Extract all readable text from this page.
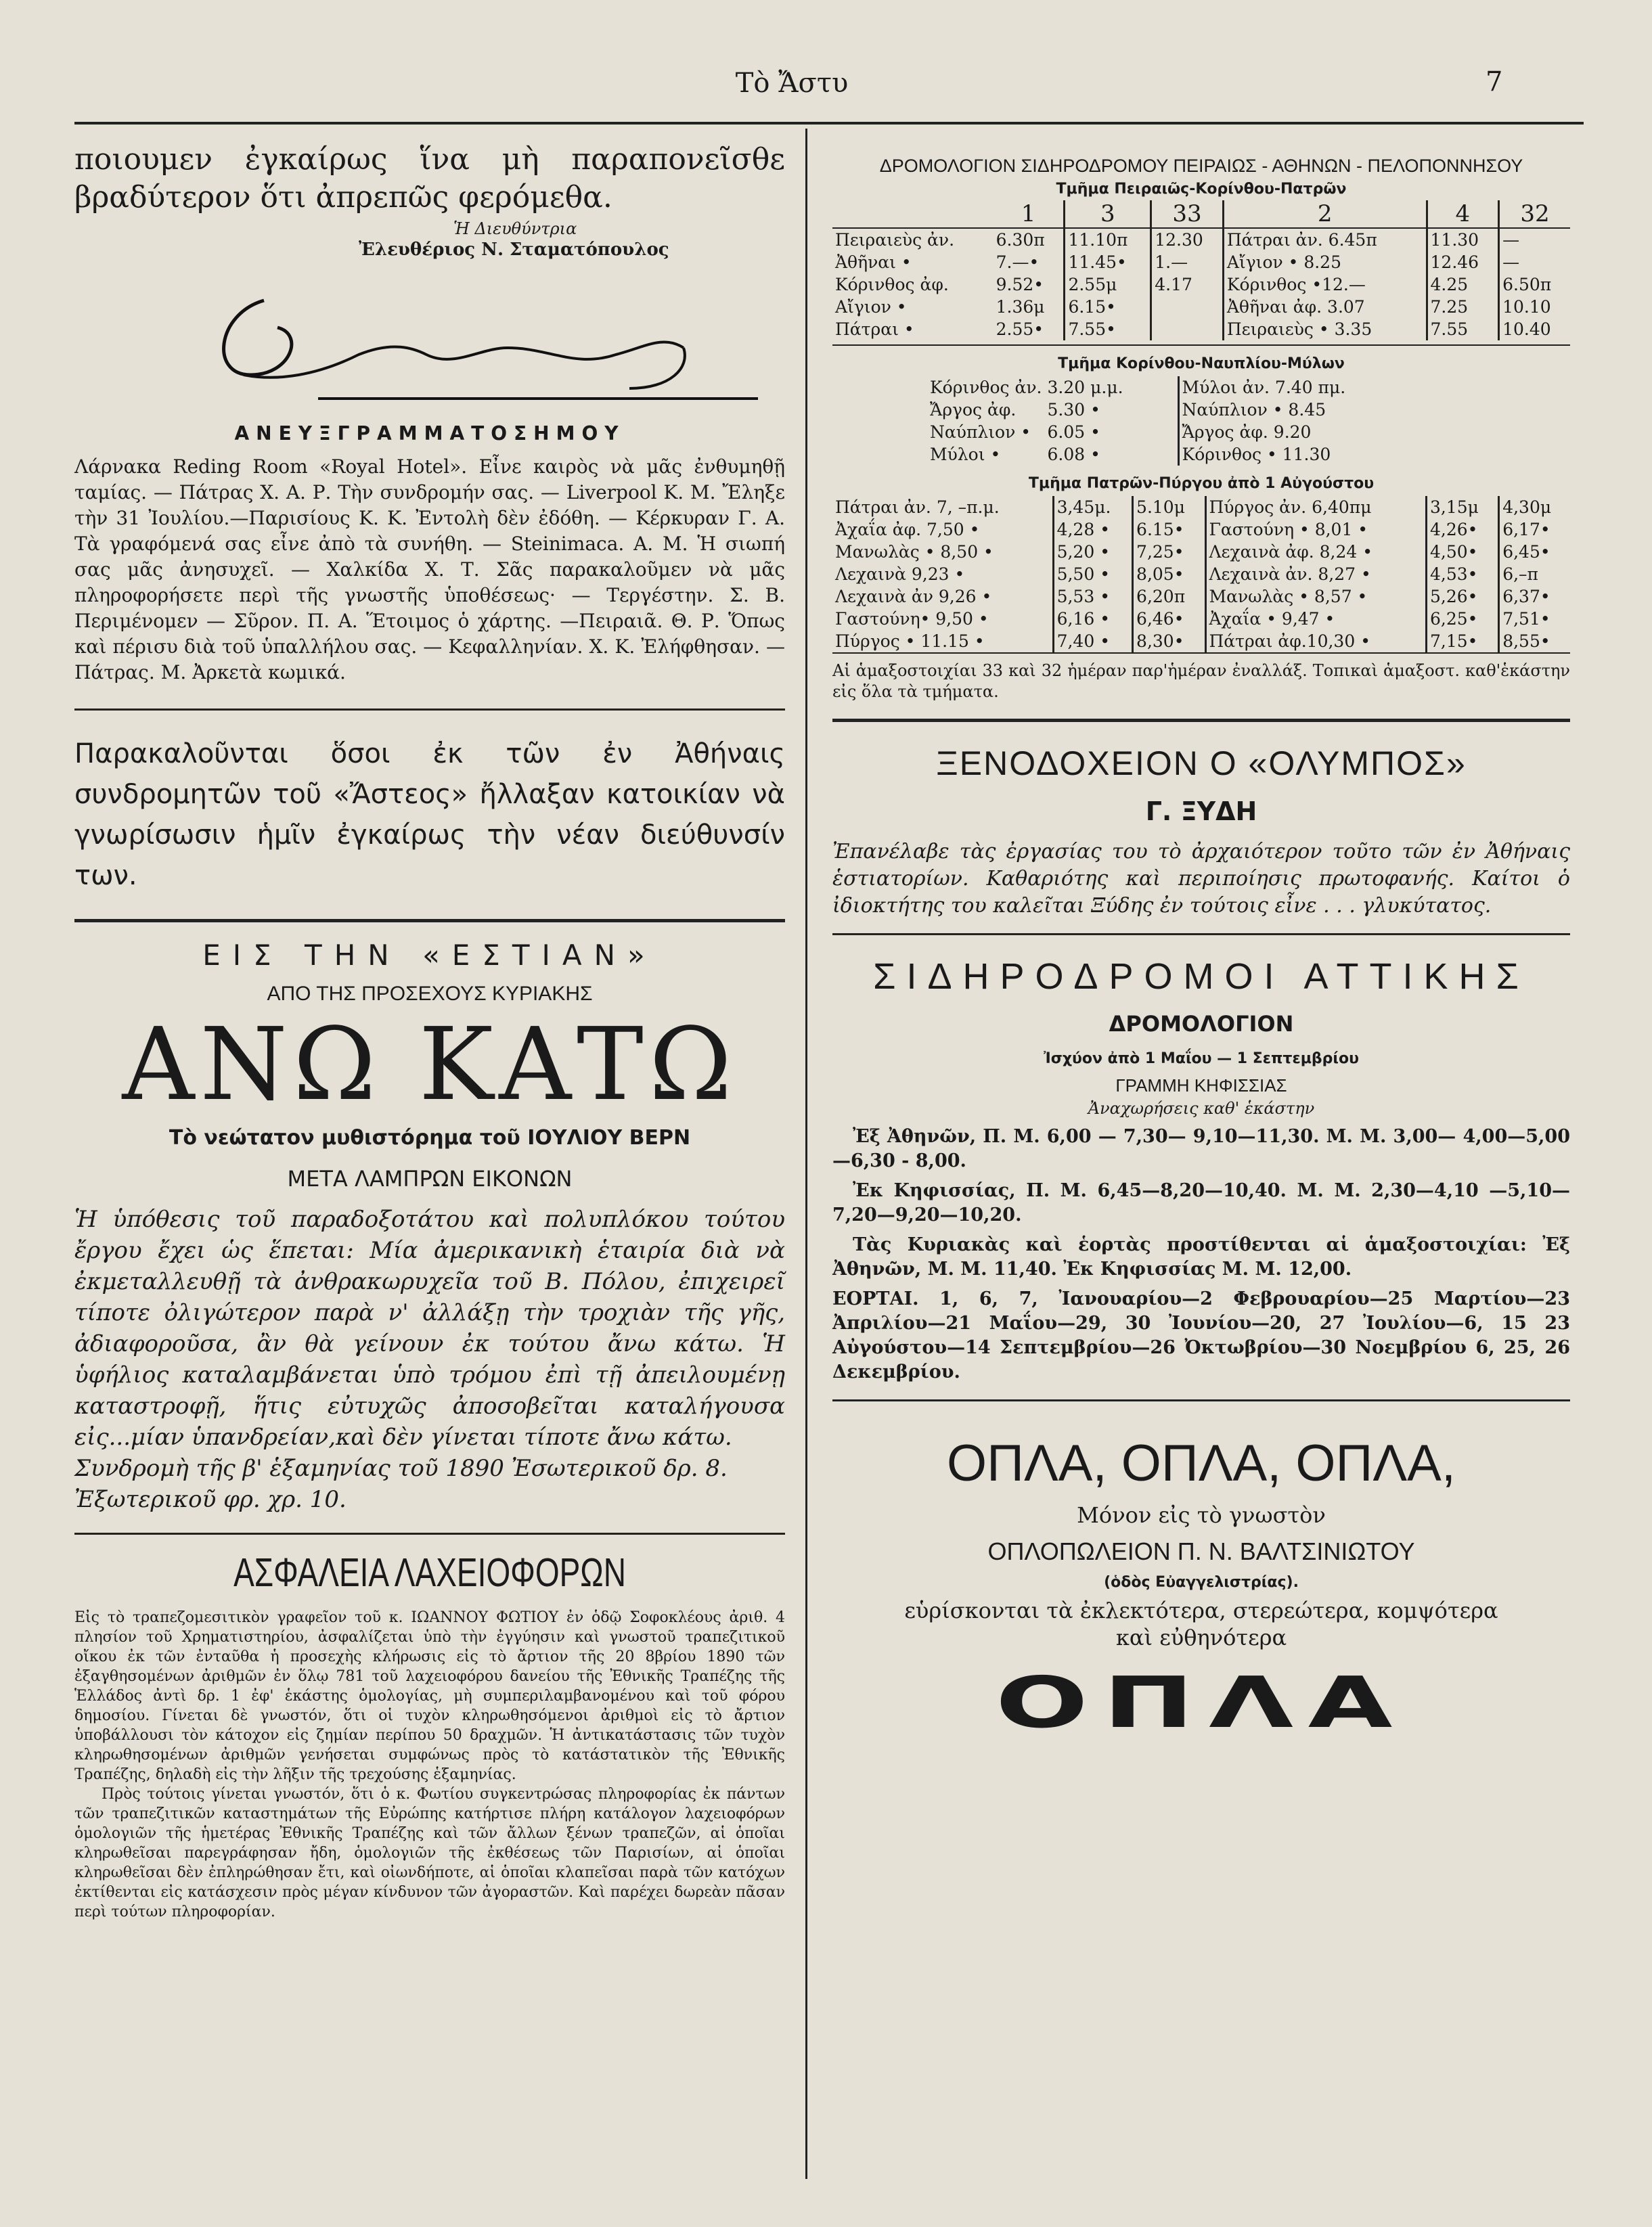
Τὸ Ἄστυ	7

ποιουμεν ἐγκαίρως ἵνα μὴ παραπονεῖσθε βραδύτερον ὅτι ἀπρεπῶς φερόμεθα.

Ἡ Διευθύντρια

Ἐλευθέριος Ν. Σταματόπουλος

ΑΝΕΥΞΓΡΑΜΜΑΤΟΣΗΜΟΥ

Λάρνακα Reding Room «Royal Hotel». Εἶνε καιρὸς νὰ μᾶς ἐνθυμηθῇ ταμίας. — Πάτρας Χ. Α. Ρ. Τὴν συνδρομήν σας. — Liverpool Κ. Μ. Ἔληξε τὴν 31 Ἰουλίου.—Παρισίους Κ. Κ. Ἐντολὴ δὲν ἐδόθη. — Κέρκυραν Γ. Α. Τὰ γραφόμενά σας εἶνε ἀπὸ τὰ συνήθη. — Steinimaca. Α. Μ. Ἡ σιωπή σας μᾶς ἀνησυχεῖ. — Χαλκίδα Χ. Τ. Σᾶς παρακαλοῦμεν νὰ μᾶς πληροφορήσετε περὶ τῆς γνωστῆς ὑποθέσεως· — Τεργέστην. Σ. Β. Περιμένομεν — Σῦρον. Π. Α. Ἕτοιμος ὁ χάρτης. —Πειραιᾶ. Θ. Ρ. Ὅπως καὶ πέρισυ διὰ τοῦ ὑπαλλήλου σας. — Κεφαλληνίαν. Χ. Κ. Ἐλήφθησαν. — Πάτρας. Μ. Ἀρκετὰ κωμικά.

Παρακαλοῦνται ὅσοι ἐκ τῶν ἐν Ἀθήναις συνδρομητῶν τοῦ «Ἄστεος» ἤλλαξαν κατοικίαν νὰ γνωρίσωσιν ἡμῖν ἐγκαίρως τὴν νέαν διεύθυνσίν των.

ΕΙΣ ΤΗΝ «ΕΣΤΙΑΝ»

ΑΠΟ ΤΗΣ ΠΡΟΣΕΧΟΥΣ ΚΥΡΙΑΚΗΣ

ΑΝΩ ΚΑΤΩ

Τὸ νεώτατον μυθιστόρημα τοῦ ΙΟΥΛΙΟΥ ΒΕΡΝ

ΜΕΤΑ ΛΑΜΠΡΩΝ ΕΙΚΟΝΩΝ

Ἡ ὑπόθεσις τοῦ παραδοξοτάτου καὶ πολυπλόκου τούτου ἔργου ἔχει ὡς ἕπεται: Μία ἀμερικανικὴ ἑταιρία διὰ νὰ ἐκμεταλλευθῇ τὰ ἀνθρακωρυχεῖα τοῦ Β. Πόλου, ἐπιχειρεῖ τίποτε ὀλιγώτερον παρὰ ν' ἀλλάξῃ τὴν τροχιὰν τῆς γῆς, ἀδιαφοροῦσα, ἂν θὰ γείνουν ἐκ τούτου ἄνω κάτω. Ἡ ὑφήλιος καταλαμβάνεται ὑπὸ τρόμου ἐπὶ τῇ ἀπειλουμένῃ καταστροφῇ, ἥτις εὐτυχῶς ἀποσοβεῖται καταλήγουσα εἰς...μίαν ὑπανδρείαν,καὶ δὲν γίνεται τίποτε ἄνω κάτω.

Συνδρομὴ τῆς β' ἑξαμηνίας τοῦ 1890 Ἐσωτερικοῦ δρ. 8. Ἐξωτερικοῦ φρ. χρ. 10.

ΑΣΦΑΛΕΙΑ ΛΑΧΕΙΟΦΟΡΩΝ

Εἰς τὸ τραπεζομεσιτικὸν γραφεῖον τοῦ κ. ΙΩΑΝΝΟΥ ΦΩΤΙΟΥ ἐν ὁδῷ Σοφοκλέους ἀριθ. 4 πλησίον τοῦ Χρηματιστηρίου, ἀσφαλίζεται ὑπὸ τὴν ἐγγύησιν καὶ γνωστοῦ τραπεζιτικοῦ οἴκου ἐκ τῶν ἐνταῦθα ἡ προσεχὴς κλήρωσις εἰς τὸ ἄρτιον τῆς 20 8βρίου 1890 τῶν ἐξαγθησομένων ἀριθμῶν ἐν ὅλῳ 781 τοῦ λαχειοφόρου δανείου τῆς Ἐθνικῆς Τραπέζης τῆς Ἑλλάδος ἀντὶ δρ. 1 ἐφ' ἑκάστης ὁμολογίας, μὴ συμπεριλαμβανομένου καὶ τοῦ φόρου δημοσίου. Γίνεται δὲ γνωστόν, ὅτι οἱ τυχὸν κληρωθησόμενοι ἀριθμοὶ εἰς τὸ ἄρτιον ὑποβάλλουσι τὸν κάτοχον εἰς ζημίαν περίπου 50 δραχμῶν. Ἡ ἀντικατάστασις τῶν τυχὸν κληρωθησομένων ἀριθμῶν γενήσεται συμφώνως πρὸς τὸ κατάστατικὸν τῆς Ἐθνικῆς Τραπέζης, δηλαδὴ εἰς τὴν λῆξιν τῆς τρεχούσης ἑξαμηνίας.

Πρὸς τούτοις γίνεται γνωστόν, ὅτι ὁ κ. Φωτίου συγκεντρώσας πληροφορίας ἐκ πάντων τῶν τραπεζιτικῶν καταστημάτων τῆς Εὐρώπης κατήρτισε πλήρη κατάλογον λαχειοφόρων ὁμολογιῶν τῆς ἡμετέρας Ἐθνικῆς Τραπέζης καὶ τῶν ἄλλων ξένων τραπεζῶν, αἱ ὁποῖαι κληρωθεῖσαι παρεγράφησαν ἤδη, ὁμολογιῶν τῆς ἐκθέσεως τῶν Παρισίων, αἱ ὁποῖαι κληρωθεῖσαι δὲν ἐπληρώθησαν ἔτι, καὶ οἰωνδήποτε, αἱ ὁποῖαι κλαπεῖσαι παρὰ τῶν κατόχων ἐκτίθενται εἰς κατάσχεσιν πρὸς μέγαν κίνδυνον τῶν ἀγοραστῶν. Καὶ παρέχει δωρεὰν πᾶσαν περὶ τούτων πληροφορίαν.

ΔΡΟΜΟΛΟΓΙΟΝ ΣΙΔΗΡΟΔΡΟΜΟΥ ΠΕΙΡΑΙΩΣ - ΑΘΗΝΩΝ - ΠΕΛΟΠΟΝΝΗΣΟΥ

Τμῆμα Πειραιῶς-Κορίνθου-Πατρῶν

	1	3	33	2	4	32
Πειραιεὺς ἀν.	6.30π	11.10π	12.30	Πάτραι ἀν. 6.45π	11.30	—
Ἀθῆναι •	7.—•	11.45•	1.—	Αἴγιον • 8.25	12.46	—
Κόρινθος ἀφ.	9.52•	2.55μ	4.17	Κόρινθος •12.—	4.25	6.50π
Αἴγιον •	1.36μ	6.15•		Ἀθῆναι ἀφ. 3.07	7.25	10.10
Πάτραι •	2.55•	7.55•		Πειραιεὺς • 3.35	7.55	10.40

Τμῆμα Κορίνθου-Ναυπλίου-Μύλων

Κόρινθος ἀν.	3.20 μ.μ.	Μύλοι ἀν. 7.40 πμ.
Ἄργος ἀφ.	5.30 •	Ναύπλιον • 8.45
Ναύπλιον •	6.05 •	Ἄργος ἀφ. 9.20
Μύλοι •	6.08 •	Κόρινθος • 11.30

Τμῆμα Πατρῶν-Πύργου ἀπὸ 1 Αὐγούστου

Πάτραι ἀν. 7, –π.μ.	3,45μ.	5.10μ	Πύργος ἀν. 6,40πμ	3,15μ	4,30μ
Ἀχαΐα ἀφ. 7,50 •	4,28 •	6.15•	Γαστούνη • 8,01 •	4,26•	6,17•
Μανωλὰς • 8,50 •	5,20 •	7,25•	Λεχαινὰ ἀφ. 8,24 •	4,50•	6,45•
Λεχαινὰ 9,23 •	5,50 •	8,05•	Λεχαινὰ ἀν. 8,27 •	4,53•	6,–π
Λεχαινὰ ἀν 9,26 •	5,53 •	6,20π	Μανωλὰς • 8,57 •	5,26•	6,37•
Γαστούνη• 9,50 •	6,16 •	6,46•	Ἀχαΐα • 9,47 •	6,25•	7,51•
Πύργος • 11.15 •	7,40 •	8,30•	Πάτραι ἀφ.10,30 •	7,15•	8,55•

Αἱ ἁμαξοστοιχίαι 33 καὶ 32 ἡμέραν παρ'ἡμέραν ἐναλλάξ. Τοπικαὶ ἁμαξοστ. καθ'ἑκάστην εἰς ὅλα τὰ τμήματα.

ΞΕΝΟΔΟΧΕΙΟΝ Ο «ΟΛΥΜΠΟΣ»

Γ. ΞΥΔΗ

Ἐπανέλαβε τὰς ἐργασίας του τὸ ἀρχαιότερον τοῦτο τῶν ἐν Ἀθήναις ἑστιατορίων. Καθαριότης καὶ περιποίησις πρωτοφανής. Καίτοι ὁ ἰδιοκτήτης του καλεῖται Ξύδης ἐν τούτοις εἶνε . . . γλυκύτατος.

ΣΙΔΗΡΟΔΡΟΜΟΙ ΑΤΤΙΚΗΣ

ΔΡΟΜΟΛΟΓΙΟΝ

Ἰσχύον ἀπὸ 1 Μαΐου — 1 Σεπτεμβρίου

ΓΡΑΜΜΗ ΚΗΦΙΣΣΙΑΣ

Ἀναχωρήσεις καθ' ἑκάστην

Ἐξ Ἀθηνῶν, Π. Μ. 6,00 — 7,30— 9,10—11,30. Μ. Μ. 3,00— 4,00—5,00—6,30 - 8,00.

Ἐκ Κηφισσίας, Π. Μ. 6,45—8,20—10,40. Μ. Μ. 2,30—4,10 —5,10—7,20—9,20—10,20.

Τὰς Κυριακὰς καὶ ἑορτὰς προστίθενται αἱ ἁμαξοστοιχίαι: Ἐξ Ἀθηνῶν, Μ. Μ. 11,40. Ἐκ Κηφισσίας Μ. Μ. 12,00.

ΕΟΡΤΑΙ. 1, 6, 7, Ἰανουαρίου—2 Φεβρουαρίου—25 Μαρτίου—23 Ἀπριλίου—21 Μαΐου—29, 30 Ἰουνίου—20, 27 Ἰουλίου—6, 15 23 Αὐγούστου—14 Σεπτεμβρίου—26 Ὀκτωβρίου—30 Νοεμβρίου 6, 25, 26 Δεκεμβρίου.

ΟΠΛΑ, ΟΠΛΑ, ΟΠΛΑ,

Μόνον εἰς τὸ γνωστὸν

ΟΠΛΟΠΩΛΕΙΟΝ Π. Ν. ΒΑΛΤΣΙΝΙΩΤΟΥ

(ὁδὸς Εὐαγγελιστρίας).

εὑρίσκονται τὰ ἐκλεκτότερα, στερεώτερα, κομψότερα

καὶ εὐθηνότερα

ΟΠΛΑ
